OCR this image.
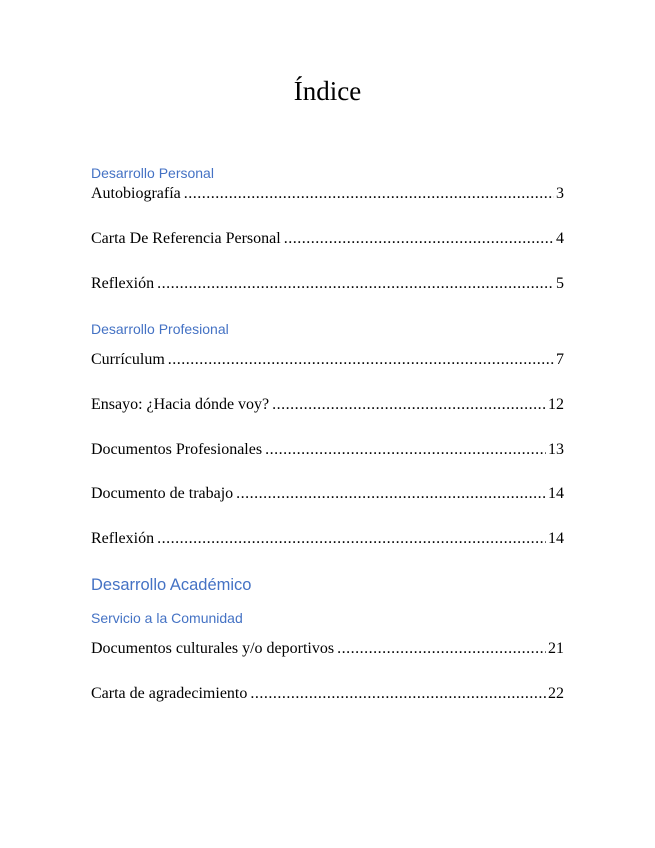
Índice
Desarrollo Personal
Autobiografía .....	3
Carta De Referencia Personal .....	4
Reflexión .....	5
Desarrollo Profesional
Currículum .....	7
Ensayo: ¿Hacia dónde voy? .....	12
Documentos Profesionales .....	13
Documento de trabajo .....	14
Reflexión .....	14
Desarrollo Académico
Servicio a la Comunidad
Documentos culturales y/o deportivos .....	21
Carta de agradecimiento .....	22
